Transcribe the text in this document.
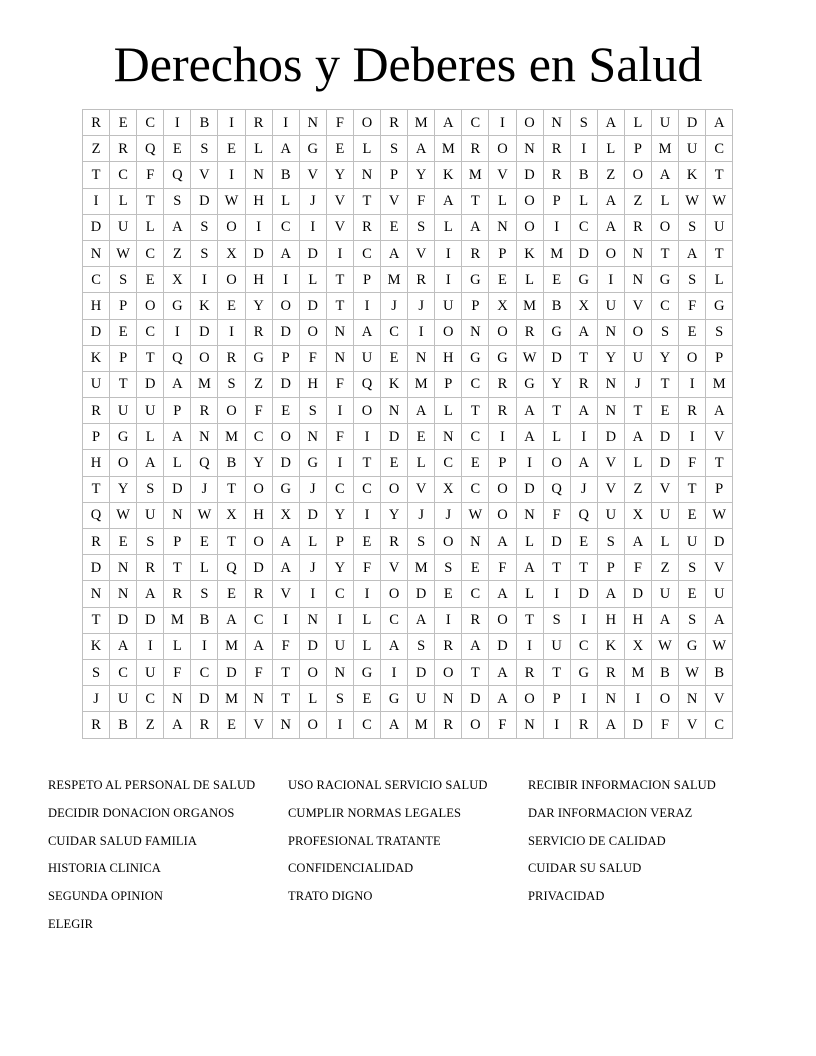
Derechos y Deberes en Salud
R	E	C	I	B	I	R	I	N	F	O	R	M	A	C	I	O	N	S	A	L	U	D	A
Z	R	Q	E	S	E	L	A	G	E	L	S	A	M	R	O	N	R	I	L	P	M	U	C
T	C	F	Q	V	I	N	B	V	Y	N	P	Y	K	M	V	D	R	B	Z	O	A	K	T
I	L	T	S	D	W	H	L	J	V	T	V	F	A	T	L	O	P	L	A	Z	L	W	W
D	U	L	A	S	O	I	C	I	V	R	E	S	L	A	N	O	I	C	A	R	O	S	U
N	W	C	Z	S	X	D	A	D	I	C	A	V	I	R	P	K	M	D	O	N	T	A	T
C	S	E	X	I	O	H	I	L	T	P	M	R	I	G	E	L	E	G	I	N	G	S	L
H	P	O	G	K	E	Y	O	D	T	I	J	J	U	P	X	M	B	X	U	V	C	F	G
D	E	C	I	D	I	R	D	O	N	A	C	I	O	N	O	R	G	A	N	O	S	E	S
K	P	T	Q	O	R	G	P	F	N	U	E	N	H	G	G	W	D	T	Y	U	Y	O	P
U	T	D	A	M	S	Z	D	H	F	Q	K	M	P	C	R	G	Y	R	N	J	T	I	M
R	U	U	P	R	O	F	E	S	I	O	N	A	L	T	R	A	T	A	N	T	E	R	A
P	G	L	A	N	M	C	O	N	F	I	D	E	N	C	I	A	L	I	D	A	D	I	V
H	O	A	L	Q	B	Y	D	G	I	T	E	L	C	E	P	I	O	A	V	L	D	F	T
T	Y	S	D	J	T	O	G	J	C	C	O	V	X	C	O	D	Q	J	V	Z	V	T	P
Q	W	U	N	W	X	H	X	D	Y	I	Y	J	J	W	O	N	F	Q	U	X	U	E	W
R	E	S	P	E	T	O	A	L	P	E	R	S	O	N	A	L	D	E	S	A	L	U	D
D	N	R	T	L	Q	D	A	J	Y	F	V	M	S	E	F	A	T	T	P	F	Z	S	V
N	N	A	R	S	E	R	V	I	C	I	O	D	E	C	A	L	I	D	A	D	U	E	U
T	D	D	M	B	A	C	I	N	I	L	C	A	I	R	O	T	S	I	H	H	A	S	A
K	A	I	L	I	M	A	F	D	U	L	A	S	R	A	D	I	U	C	K	X	W	G	W
S	C	U	F	C	D	F	T	O	N	G	I	D	O	T	A	R	T	G	R	M	B	W	B
J	U	C	N	D	M	N	T	L	S	E	G	U	N	D	A	O	P	I	N	I	O	N	V
R	B	Z	A	R	E	V	N	O	I	C	A	M	R	O	F	N	I	R	A	D	F	V	C
RESPETO AL PERSONAL DE SALUD	USO RACIONAL SERVICIO SALUD	RECIBIR INFORMACION SALUD
DECIDIR DONACION ORGANOS	CUMPLIR NORMAS LEGALES	DAR INFORMACION VERAZ
CUIDAR SALUD FAMILIA	PROFESIONAL TRATANTE	SERVICIO DE CALIDAD
HISTORIA CLINICA	CONFIDENCIALIDAD	CUIDAR SU SALUD
SEGUNDA OPINION	TRATO DIGNO	PRIVACIDAD
ELEGIR
